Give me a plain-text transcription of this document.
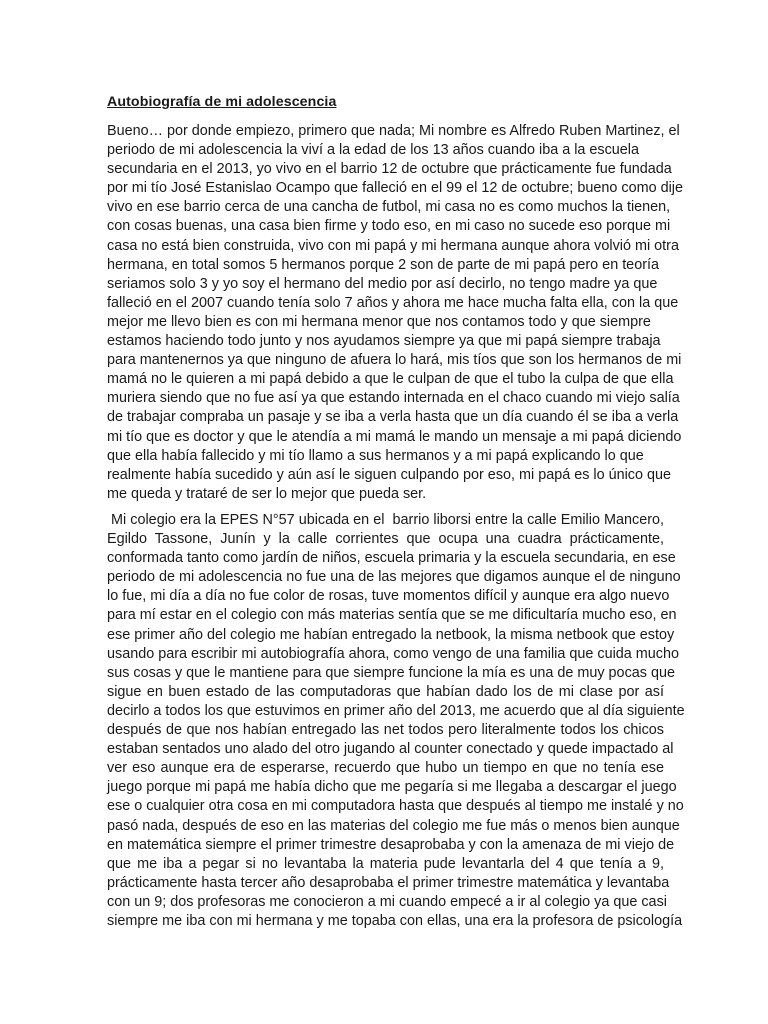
Autobiografía de mi adolescencia
Bueno… por donde empiezo, primero que nada; Mi nombre es Alfredo Ruben Martinez, el
periodo de mi adolescencia la viví a la edad de los 13 años cuando iba a la escuela
secundaria en el 2013, yo vivo en el barrio 12 de octubre que prácticamente fue fundada
por mi tío José Estanislao Ocampo que falleció en el 99 el 12 de octubre; bueno como dije
vivo en ese barrio cerca de una cancha de futbol, mi casa no es como muchos la tienen,
con cosas buenas, una casa bien firme y todo eso, en mi caso no sucede eso porque mi
casa no está bien construida, vivo con mi papá y mi hermana aunque ahora volvió mi otra
hermana, en total somos 5 hermanos porque 2 son de parte de mi papá pero en teoría
seriamos solo 3 y yo soy el hermano del medio por así decirlo, no tengo madre ya que
falleció en el 2007 cuando tenía solo 7 años y ahora me hace mucha falta ella, con la que
mejor me llevo bien es con mi hermana menor que nos contamos todo y que siempre
estamos haciendo todo junto y nos ayudamos siempre ya que mi papá siempre trabaja
para mantenernos ya que ninguno de afuera lo hará, mis tíos que son los hermanos de mi
mamá no le quieren a mi papá debido a que le culpan de que el tubo la culpa de que ella
muriera siendo que no fue así ya que estando internada en el chaco cuando mi viejo salía
de trabajar compraba un pasaje y se iba a verla hasta que un día cuando él se iba a verla
mi tío que es doctor y que le atendía a mi mamá le mando un mensaje a mi papá diciendo
que ella había fallecido y mi tío llamo a sus hermanos y a mi papá explicando lo que
realmente había sucedido y aún así le siguen culpando por eso, mi papá es lo único que
me queda y trataré de ser lo mejor que pueda ser.
Mi colegio era la EPES N°57 ubicada en el  barrio liborsi entre la calle Emilio Mancero,
Egildo Tassone, Junín y la calle corrientes que ocupa una cuadra prácticamente,
conformada tanto como jardín de niños, escuela primaria y la escuela secundaria, en ese
periodo de mi adolescencia no fue una de las mejores que digamos aunque el de ninguno
lo fue, mi día a día no fue color de rosas, tuve momentos difícil y aunque era algo nuevo
para mí estar en el colegio con más materias sentía que se me dificultaría mucho eso, en
ese primer año del colegio me habían entregado la netbook, la misma netbook que estoy
usando para escribir mi autobiografía ahora, como vengo de una familia que cuida mucho
sus cosas y que le mantiene para que siempre funcione la mía es una de muy pocas que
sigue en buen estado de las computadoras que habían dado los de mi clase por así
decirlo a todos los que estuvimos en primer año del 2013, me acuerdo que al día siguiente
después de que nos habían entregado las net todos pero literalmente todos los chicos
estaban sentados uno alado del otro jugando al counter conectado y quede impactado al
ver eso aunque era de esperarse, recuerdo que hubo un tiempo en que no tenía ese
juego porque mi papá me había dicho que me pegaría si me llegaba a descargar el juego
ese o cualquier otra cosa en mi computadora hasta que después al tiempo me instalé y no
pasó nada, después de eso en las materias del colegio me fue más o menos bien aunque
en matemática siempre el primer trimestre desaprobaba y con la amenaza de mi viejo de
que me iba a pegar si no levantaba la materia pude levantarla del 4 que tenía a 9,
prácticamente hasta tercer año desaprobaba el primer trimestre matemática y levantaba
con un 9; dos profesoras me conocieron a mi cuando empecé a ir al colegio ya que casi
siempre me iba con mi hermana y me topaba con ellas, una era la profesora de psicología
